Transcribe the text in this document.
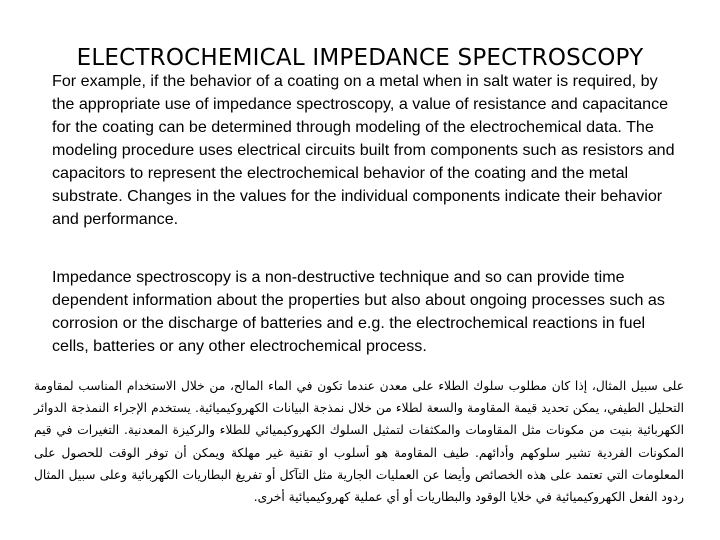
ELECTROCHEMICAL IMPEDANCE SPECTROSCOPY

For example, if the behavior of a coating on a metal when in salt water is required, by the appropriate use of impedance spectroscopy, a value of resistance and capacitance for the coating can be determined through modeling of the electrochemical data. The modeling procedure uses electrical circuits built from components such as resistors and capacitors to represent the electrochemical behavior of the coating and the metal substrate. Changes in the values for the individual components indicate their behavior and performance.

Impedance spectroscopy is a non-destructive technique and so can provide time dependent information about the properties but also about ongoing processes such as corrosion or the discharge of batteries and e.g. the electrochemical reactions in fuel cells, batteries or any other electrochemical process.

على سبيل المثال، إذا كان مطلوب سلوك الطلاء على معدن عندما تكون في الماء المالح، من خلال الاستخدام المناسب لمقاومة التحليل الطيفي، يمكن تحديد قيمة المقاومة والسعة لطلاء من خلال نمذجة البيانات الكهروكيميائية. يستخدم الإجراء النمذجة الدوائر الكهربائية بنيت من مكونات مثل المقاومات والمكثفات لتمثيل السلوك الكهروكيميائي للطلاء والركيزة المعدنية. التغيرات في قيم المكونات الفردية تشير سلوكهم وأدائهم. طيف المقاومة هو أسلوب او تقنية غير مهلكة ويمكن أن توفر الوقت للحصول على المعلومات التي تعتمد على هذه الخصائص وأيضا عن العمليات الجارية مثل التآكل أو تفريغ البطاريات الكهربائية وعلى سبيل المثال ردود الفعل الكهروكيميائية في خلايا الوقود والبطاريات أو أي عملية كهروكيميائية أخرى.
